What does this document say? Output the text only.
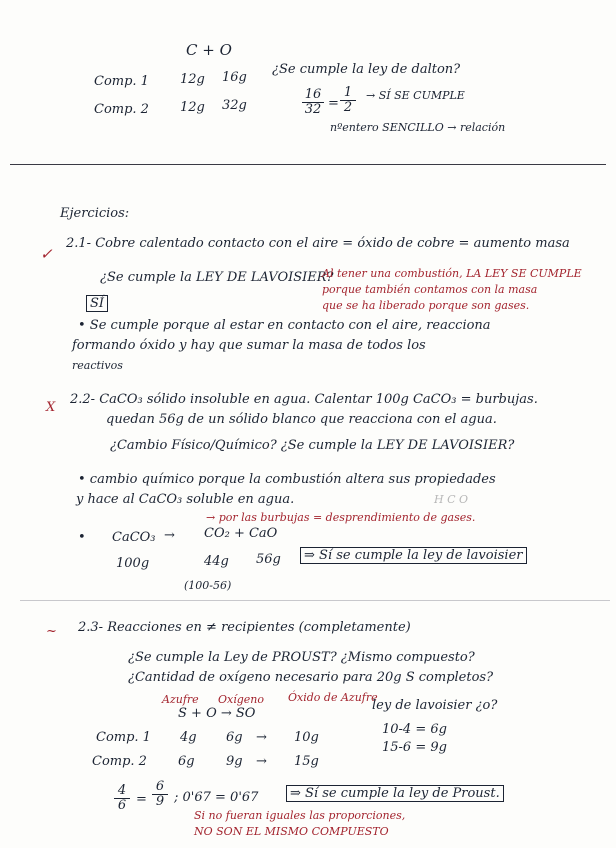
C + O
Comp. 1 12g 16g
Comp. 2 12g 32g
¿Se cumple la ley de dalton?
$\frac{16}{32} = \frac{1}{2}$ → SÍ SE CUMPLE
nºentero SENCILLO → relación
Ejercicios:
✓
2.1- Cobre calentado contacto con el aire = óxido de cobre = aumento masa
¿Se cumple la LEY DE LAVOISIER?
Al tener una combustión, LA LEY SE CUMPLE
porque también contamos con la masa
que se ha liberado porque son gases.
SÍ
• Se cumple porque al estar en contacto con el aire, reacciona
formando óxido y hay que sumar la masa de todos los
reactivos
X
2.2- CaCO₃ sólido insoluble en agua. Calentar 100g CaCO₃ = burbujas.
quedan 56g de un sólido blanco que reacciona con el agua.
¿Cambio Físico/Químico? ¿Se cumple la LEY DE LAVOISIER?
• cambio químico porque la combustión altera sus propiedades
y hace al CaCO₃ soluble en agua.
→ por las burbujas = desprendimiento de gases.
H C O
• CaCO₃ → CO₂ + CaO
100g	44g 56g
(100-56)
⇒ Sí se cumple la ley de lavoisier
~ 2.3- Reacciones en ≠ recipientes (completamente)
¿Se cumple la Ley de PROUST? ¿Mismo compuesto?
¿Cantidad de oxígeno necesario para 20g S completos?
Azufre Oxígeno Óxido de Azufre
S + O → SO
ley de lavoisier ¿o?
Comp. 1 4g 6g → 10g
10-4 = 6g
Comp. 2 6g 9g → 15g
15-6 = 9g
$\frac{4}{6} = \frac{6}{9}$ ; 0'67 = 0'67	⇒ Sí se cumple la ley de Proust.
Si no fueran iguales las proporciones,
NO SON EL MISMO COMPUESTO
